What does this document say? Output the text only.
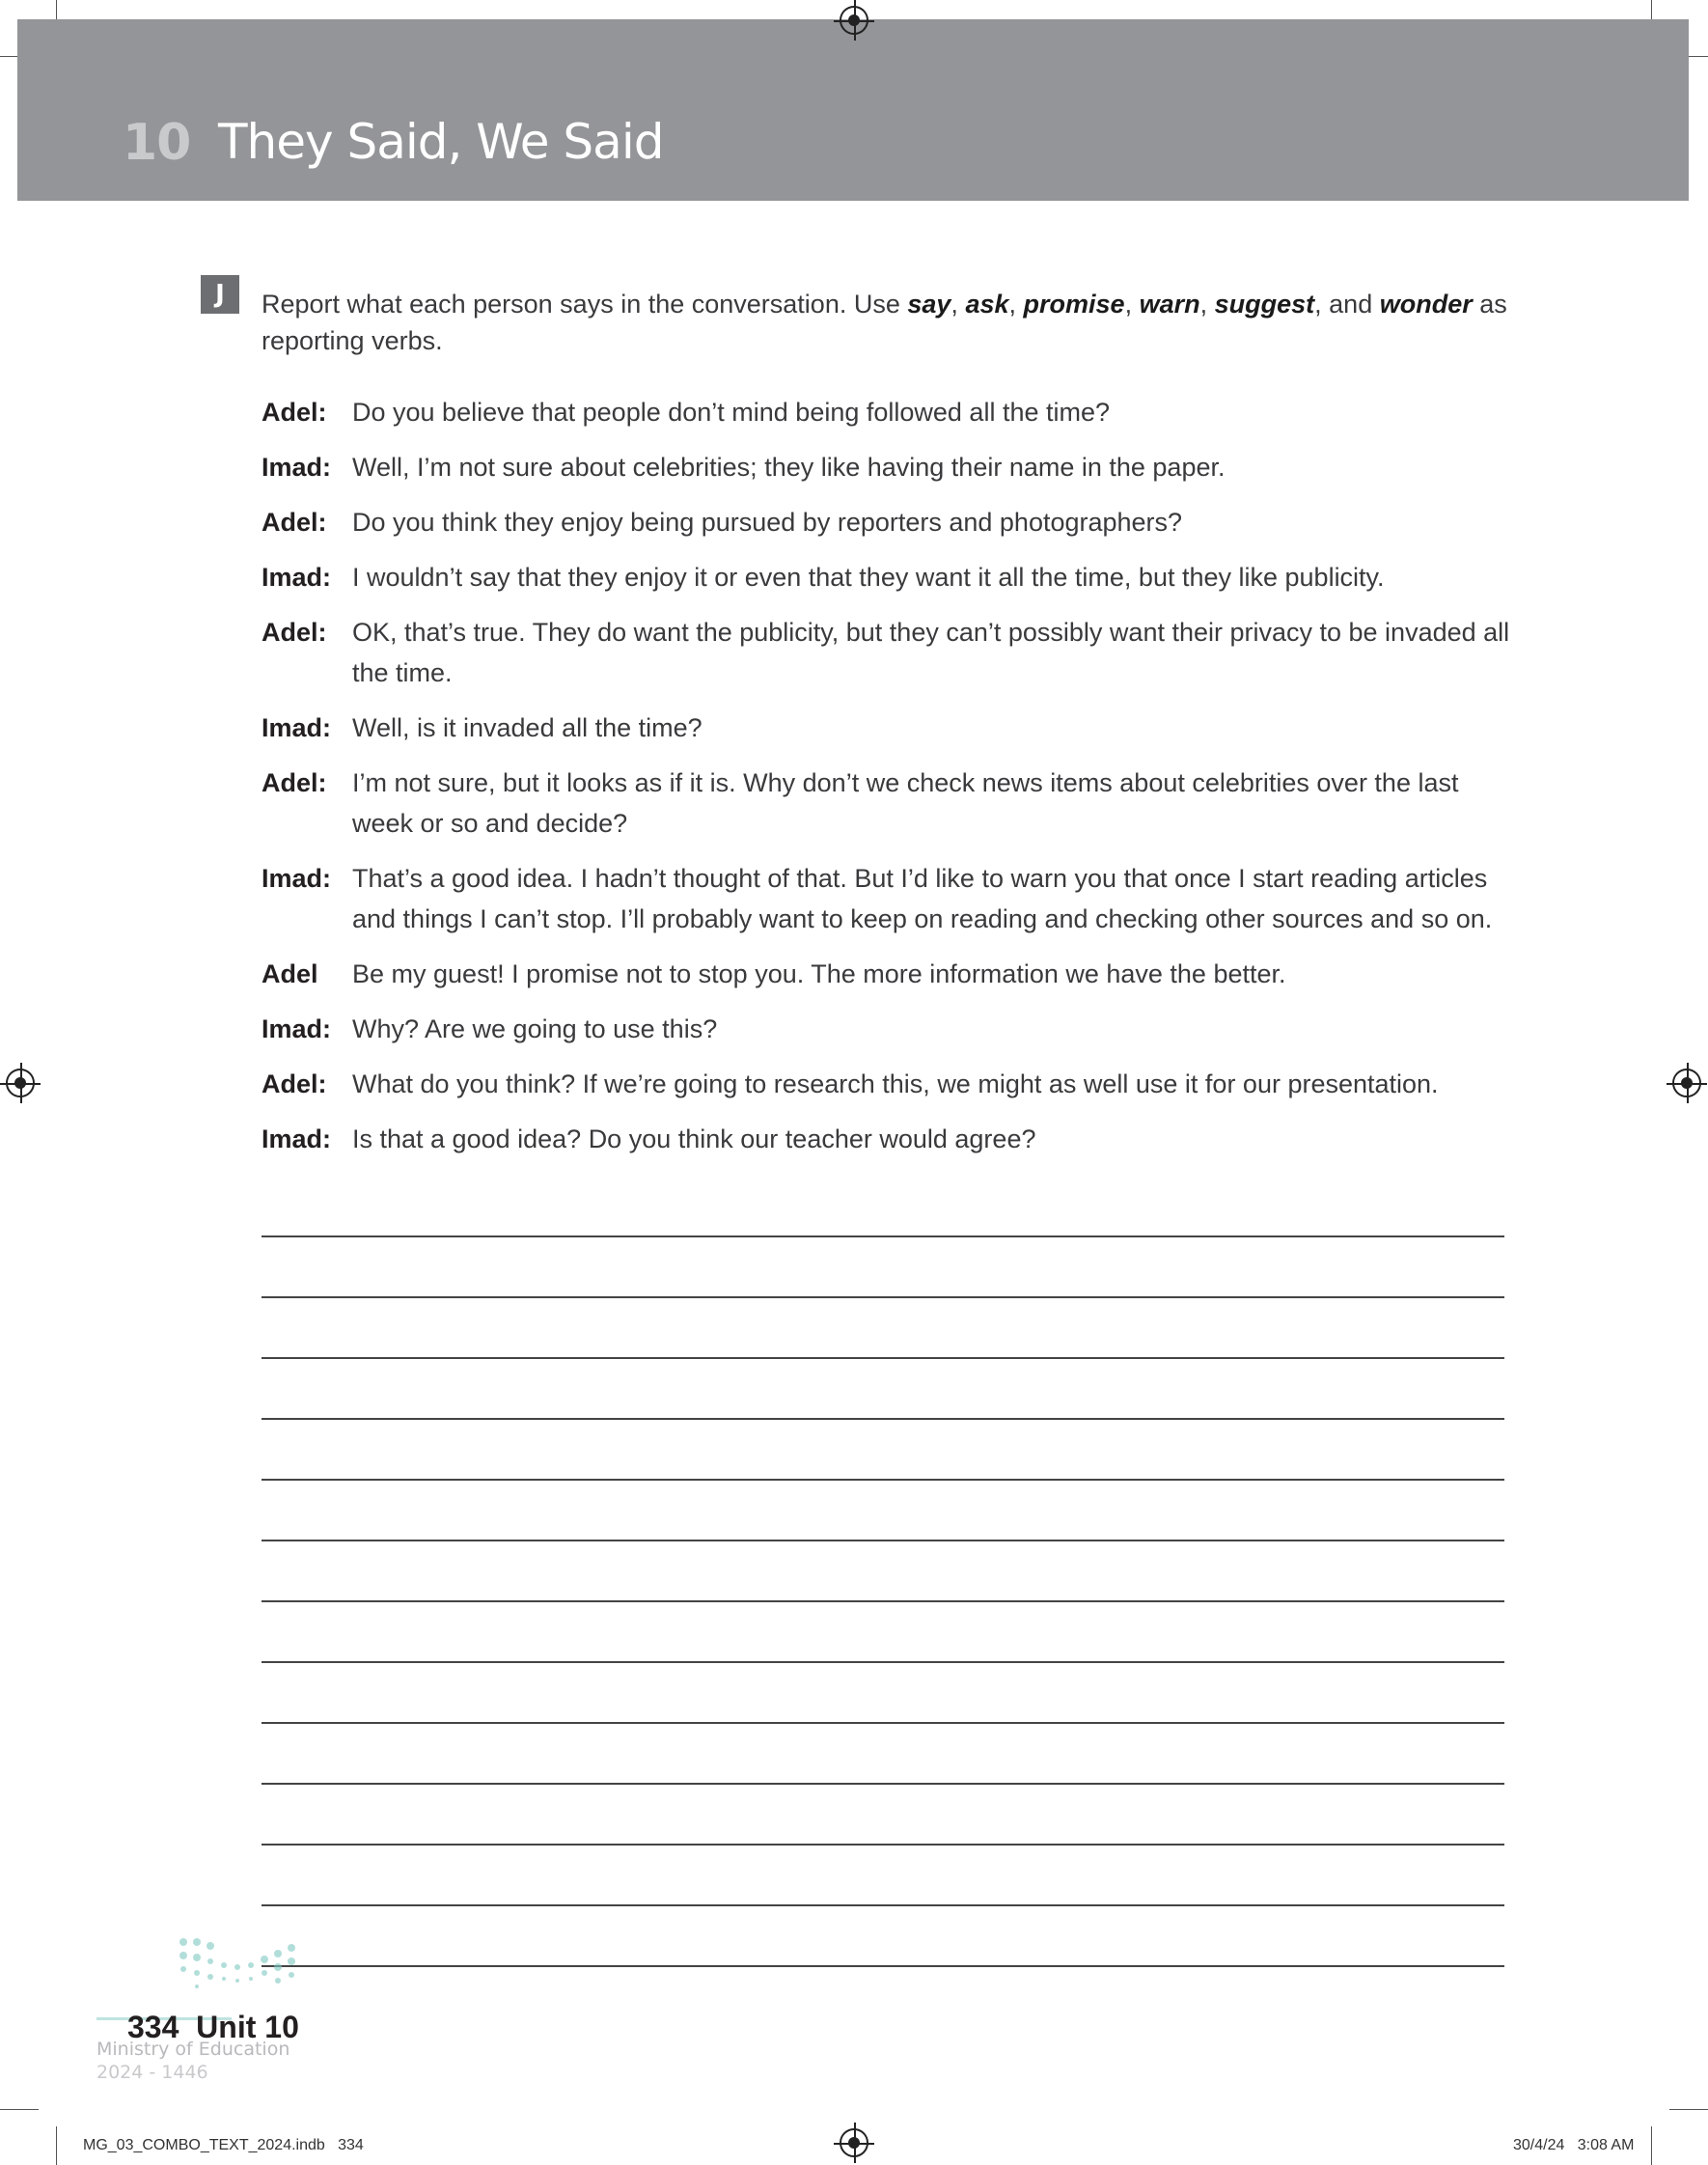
10 They Said, We Said
J	Report what each person says in the conversation. Use say, ask, promise, warn, suggest, and wonder as reporting verbs.
Adel: Do you believe that people don’t mind being followed all the time?
Imad: Well, I’m not sure about celebrities; they like having their name in the paper.
Adel: Do you think they enjoy being pursued by reporters and photographers?
Imad: I wouldn’t say that they enjoy it or even that they want it all the time, but they like publicity.
Adel: OK, that’s true. They do want the publicity, but they can’t possibly want their privacy to be invaded all the time.
Imad: Well, is it invaded all the time?
Adel: I’m not sure, but it looks as if it is. Why don’t we check news items about celebrities over the last week or so and decide?
Imad: That’s a good idea. I hadn’t thought of that. But I’d like to warn you that once I start reading articles and things I can’t stop. I’ll probably want to keep on reading and checking other sources and so on.
Adel	Be my guest! I promise not to stop you. The more information we have the better.
Imad: Why? Are we going to use this?
Adel: What do you think? If we’re going to research this, we might as well use it for our presentation.
Imad: Is that a good idea? Do you think our teacher would agree?
Ministry of Education
2024 - 1446
334 Unit 10
MG_03_COMBO_TEXT_2024.indb   334	30/4/24   3:08 AM
